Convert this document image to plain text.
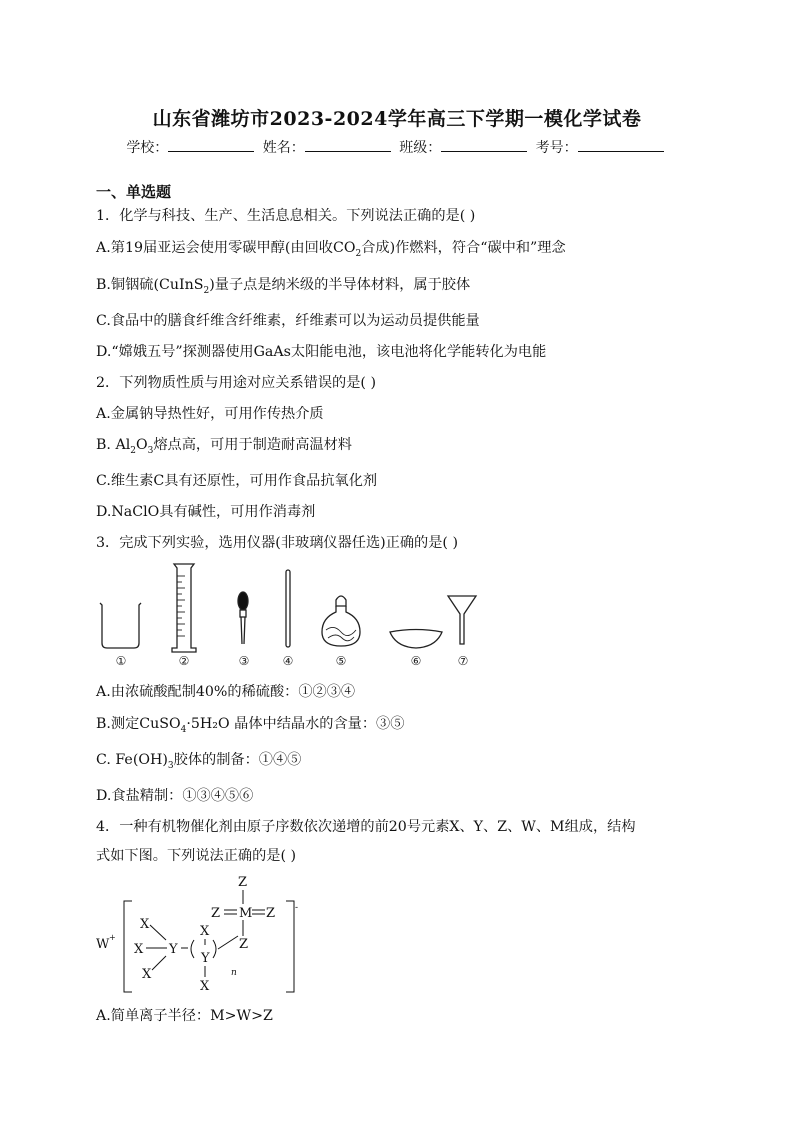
山东省潍坊市2023-2024学年高三下学期一模化学试卷
学校：	姓名：	班级：	考号：
一、单选题
1．化学与科技、生产、生活息息相关。下列说法正确的是( )
A.第19届亚运会使用零碳甲醇(由回收$CO_2$合成)作燃料，符合“碳中和”理念
B.铜铟硫(CuInS$_2$)量子点是纳米级的半导体材料，属于胶体
C.食品中的膳食纤维含纤维素，纤维素可以为运动员提供能量
D.“嫦娥五号”探测器使用GaAs太阳能电池，该电池将化学能转化为电能
2．下列物质性质与用途对应关系错误的是( )
A.金属钠导热性好，可用作传热介质
B. $Al_2O_3$熔点高，可用于制造耐高温材料
C.维生素C具有还原性，可用作食品抗氧化剂
D.NaClO具有碱性，可用作消毒剂
3．完成下列实验，选用仪器(非玻璃仪器任选)正确的是( )
①	②	③	④	⑤	⑥	⑦
A.由浓硫酸配制40%的稀硫酸：①②③④
B.测定CuSO$_4$·5H₂O 晶体中结晶水的含量：③⑤
C. $Fe(OH)_3$胶体的制备：①④⑤
D.食盐精制：①③④⑤⑥
4．一种有机物催化剂由原子序数依次递增的前20号元素X、Y、Z、W、M组成，结构
式如下图。下列说法正确的是( )
W +
X
X
X
Y
X
Y
X
n
Z
Z M Z
Z
-
A.简单离子半径：M>W>Z
